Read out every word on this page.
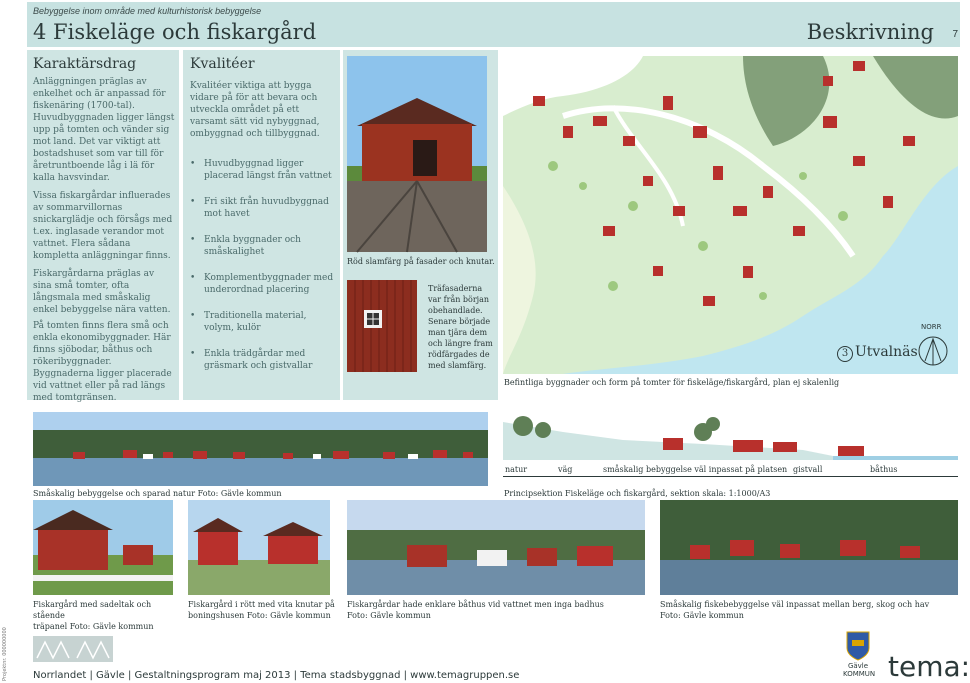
Bebyggelse inom område med kulturhistorisk bebyggelse
4 Fiskeläge och fiskargård	Beskrivning 7
Karaktärsdrag
Anläggningen präglas av enkelhet och är anpassad för fiskenäring (1700-tal).
Huvudbyggnaden ligger längst upp på tomten och vänder sig mot land. Det var viktigt att bostadshuset som var till för åretruntboende låg i lä för kalla havsvindar.
Vissa fiskargårdar influerades av sommarvillornas snickarglädje och försågs med t.ex. inglasade verandor mot vattnet. Flera sådana kompletta anläggningar finns.
Fiskargårdarna präglas av sina små tomter, ofta långsmala med småskalig enkel bebyggelse nära vatten.
På tomten finns flera små och enkla ekonomibyggnader. Här finns sjöbodar, båthus och rökeribyggnader. Byggnaderna ligger placerade vid vattnet eller på rad längs med tomtgränsen.
Kvalitéer
Kvalitéer viktiga att bygga vidare på för att bevara och utveckla området på ett varsamt sätt vid nybyggnad, ombyggnad och tillbyggnad.
• Huvudbyggnad ligger placerad längst från vattnet
• Fri sikt från huvudbyggnad mot havet
• Enkla byggnader och småskalighet
• Komplementbyggnader med underordnad placering
• Traditionella material, volym, kulör
• Enkla trädgårdar med gräsmark och gistvallar
Röd slamfärg på fasader och knutar.
Träfasaderna var från början obehandlade. Senare började man tjära dem och längre fram rödfärgades de med slamfärg.
3 Utvalnäs
NORR
Befintliga byggnader och form på tomter för fiskeläge/fiskargård, plan ej skalenlig
Småskalig bebyggelse och sparad natur Foto: Gävle kommun
natur	väg	småskalig bebyggelse väl inpassat på platsen gistvall	båthus
Principsektion Fiskeläge och fiskargård, sektion skala: 1:1000/A3
Fiskargård med sadeltak och stående
träpanel Foto: Gävle kommun
Fiskargård i rött med vita knutar på
boningshusen Foto: Gävle kommun
Fiskargårdar hade enklare båthus vid vattnet men inga badhus
Foto: Gävle kommun
Småskalig fiskebebyggelse väl inpassat mellan berg, skog och hav
Foto: Gävle kommun
Projektnr. 000000000	Norrlandet | Gävle | Gestaltningsprogram maj 2013 | Tema stadsbyggnad | www.temagruppen.se
Gävle
KOMMUN tema:
